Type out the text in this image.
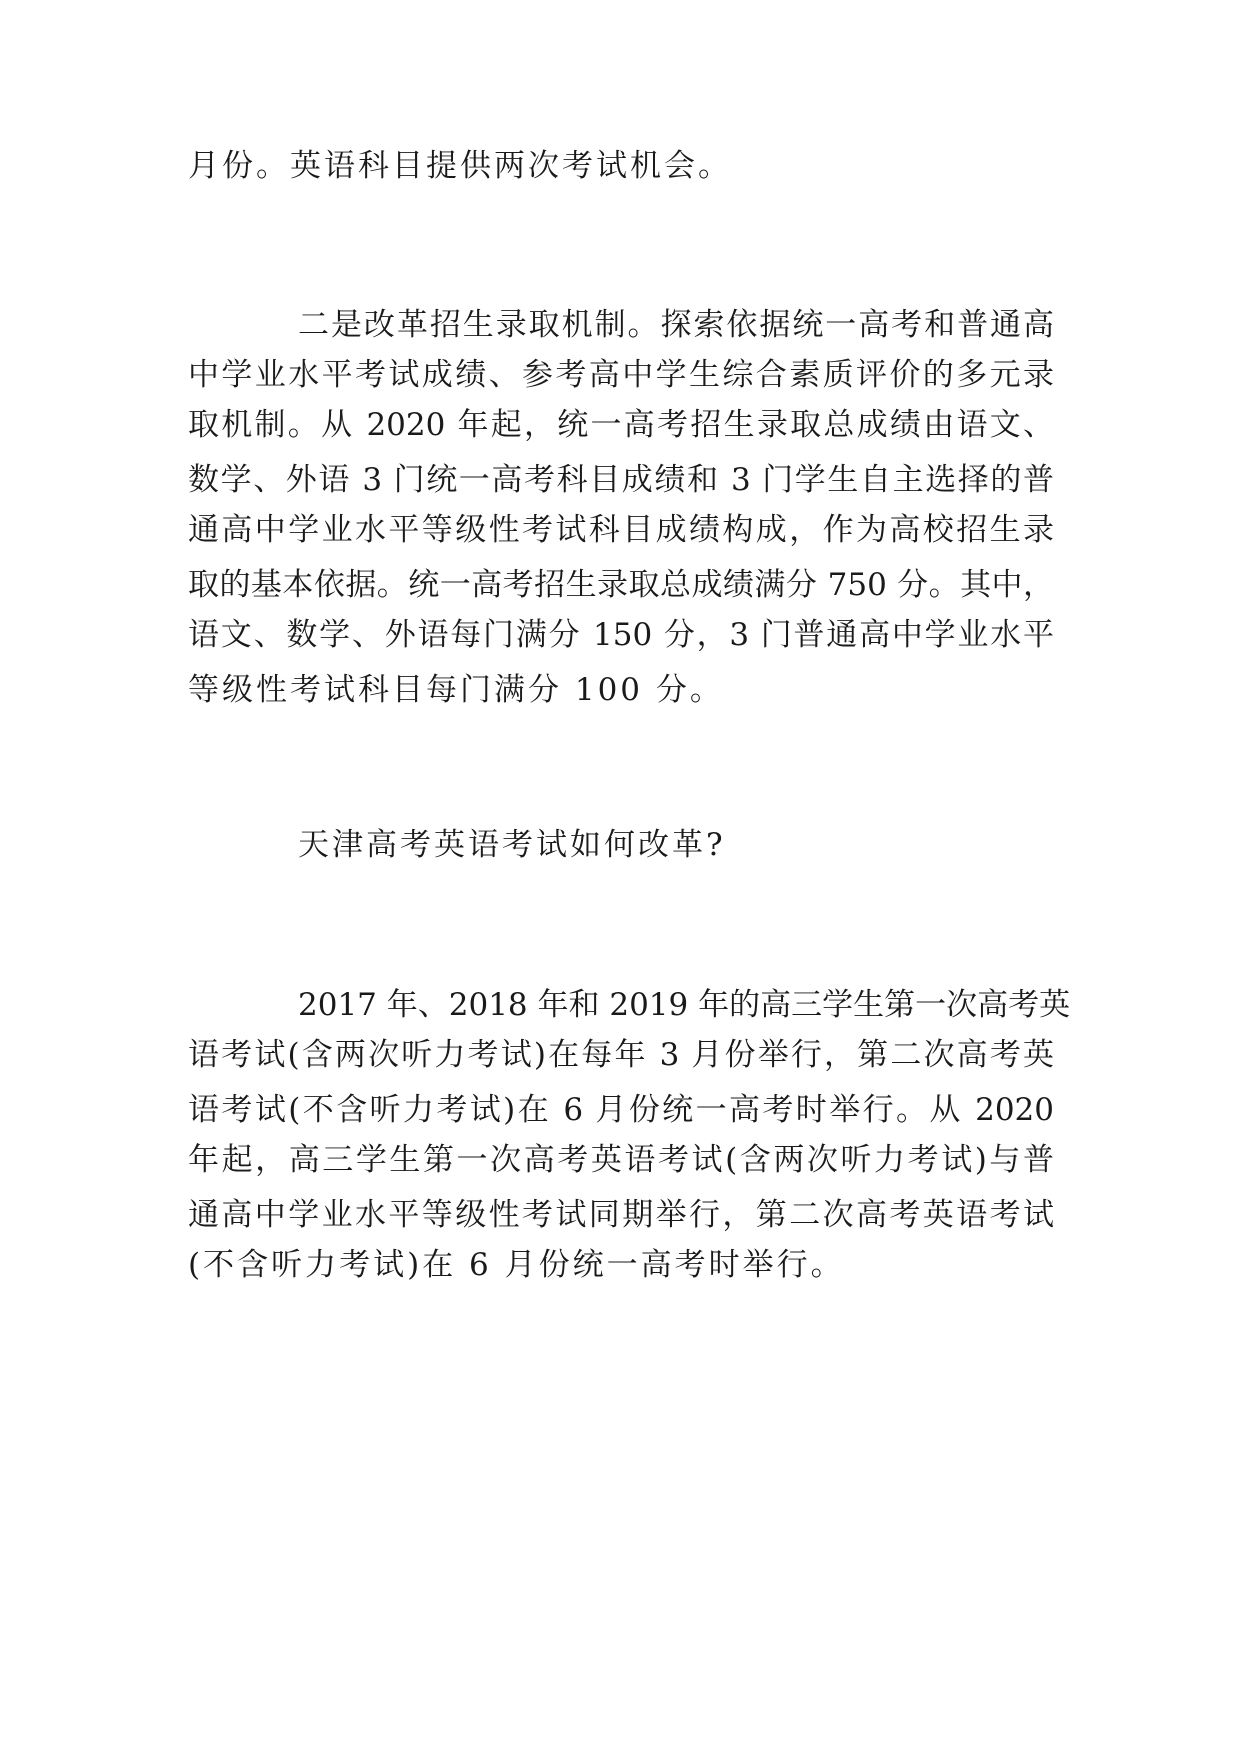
月份。英语科目提供两次考试机会。
二是改革招生录取机制。探索依据统一高考和普通高
中学业水平考试成绩、参考高中学生综合素质评价的多元录
取机制。从 2020 年起，统一高考招生录取总成绩由语文、
数学、外语 3 门统一高考科目成绩和 3 门学生自主选择的普
通高中学业水平等级性考试科目成绩构成，作为高校招生录
取的基本依据。统一高考招生录取总成绩满分 750 分。其中，
语文、数学、外语每门满分 150 分，3 门普通高中学业水平
等级性考试科目每门满分 100 分。
天津高考英语考试如何改革?
2017 年、2018 年和 2019 年的高三学生第一次高考英
语考试(含两次听力考试)在每年 3 月份举行，第二次高考英
语考试(不含听力考试)在 6 月份统一高考时举行。从 2020
年起，高三学生第一次高考英语考试(含两次听力考试)与普
通高中学业水平等级性考试同期举行，第二次高考英语考试
(不含听力考试)在 6 月份统一高考时举行。
